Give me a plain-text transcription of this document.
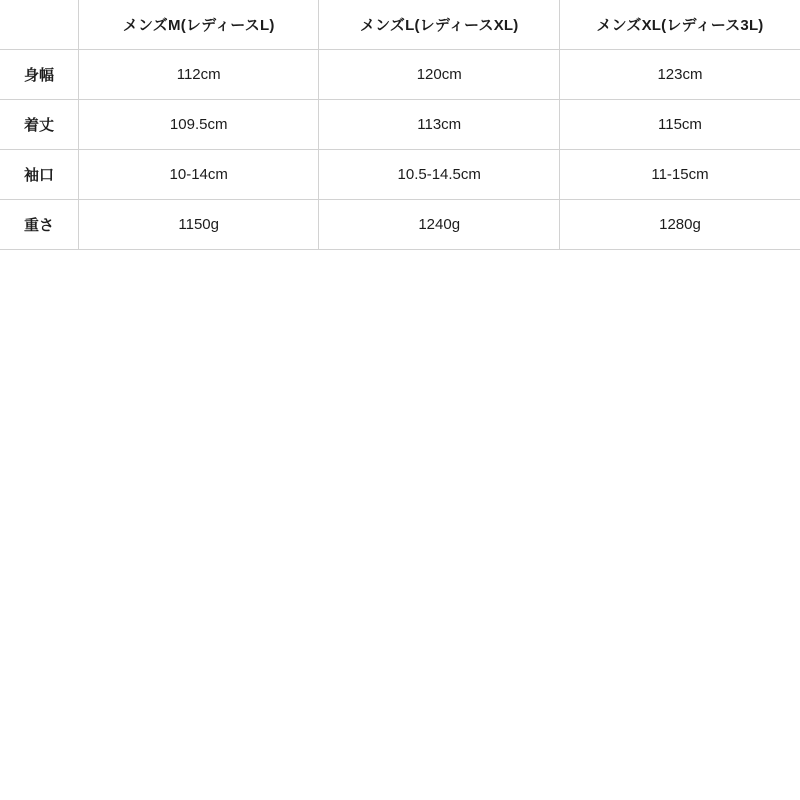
	メンズM(レディースL)	メンズL(レディースXL)	メンズXL(レディース3L)
身幅	112cm	120cm	123cm
着丈	109.5cm	113cm	115cm
袖口	10-14cm	10.5-14.5cm	11-15cm
重さ	1150g	1240g	1280g
